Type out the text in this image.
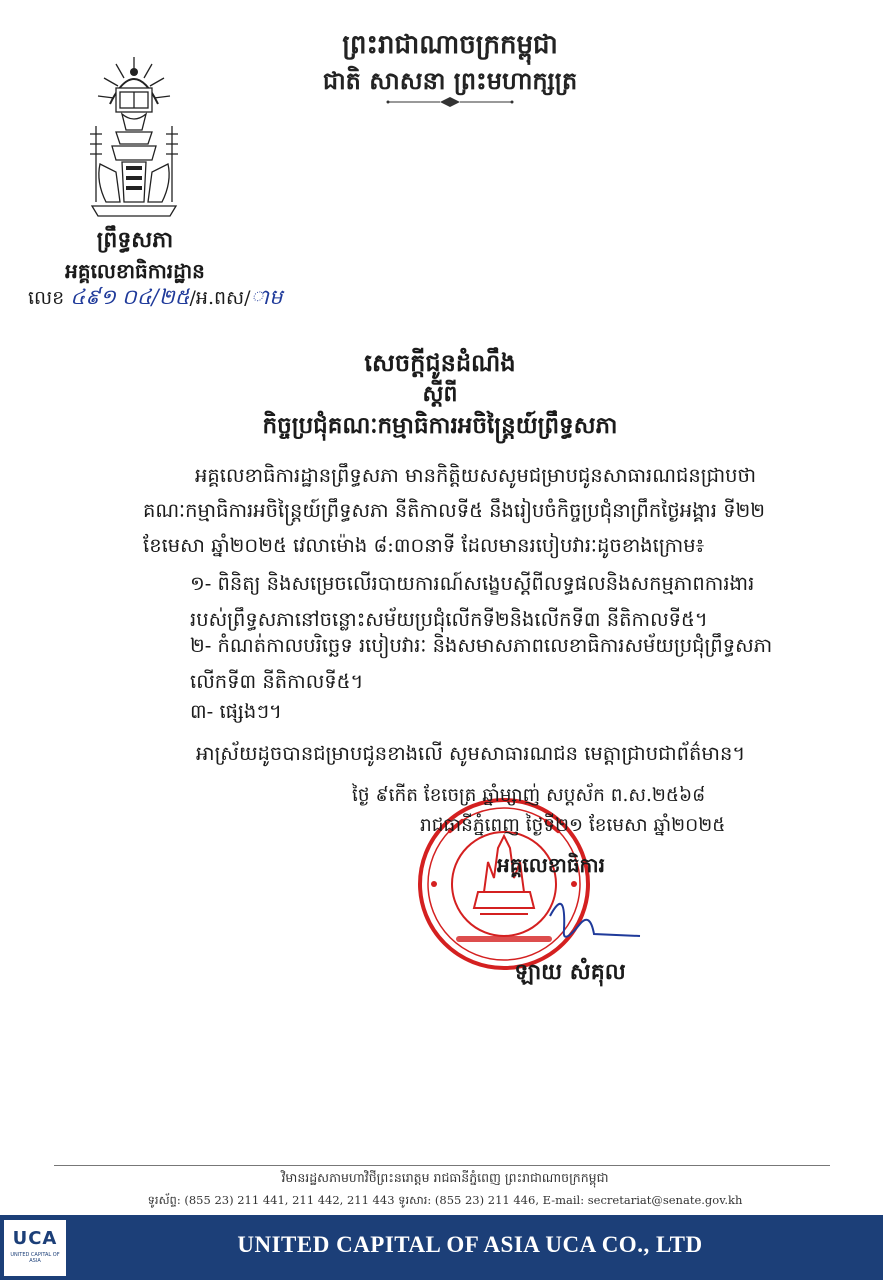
ព្រះរាជាណាចក្រកម្ពុជា
ជាតិ សាសនា ព្រះមហាក្សត្រ
ព្រឹទ្ធសភា
អគ្គលេខាធិការដ្ឋាន
លេខ ៤៩១ ០៤/២៥/អ.ពស/ាម
សេចក្តីជូនដំណឹង
ស្តីពី
កិច្ចប្រជុំគណៈកម្មាធិការអចិន្ត្រៃយ៍ព្រឹទ្ធសភា
អគ្គលេខាធិការដ្ឋានព្រឹទ្ធសភា មានកិត្តិយសសូមជម្រាបជូនសាធារណជនជ្រាបថា គណៈកម្មាធិការអចិន្ត្រៃយ៍ព្រឹទ្ធសភា នីតិកាលទី៥ នឹងរៀបចំកិច្ចប្រជុំនាព្រឹកថ្ងៃអង្គារ ទី២២ ខែមេសា ឆ្នាំ២០២៥ វេលាម៉ោង ៨:៣០នាទី ដែលមានរបៀបវារៈដូចខាងក្រោម៖
១- ពិនិត្យ និងសម្រេចលើរបាយការណ៍សង្ខេបស្តីពីលទ្ធផលនិងសកម្មភាពការងាររបស់ព្រឹទ្ធសភានៅចន្លោះសម័យប្រជុំលើកទី២និងលើកទី៣ នីតិកាលទី៥។
២- កំណត់កាលបរិច្ឆេទ របៀបវារៈ និងសមាសភាពលេខាធិការសម័យប្រជុំព្រឹទ្ធសភាលើកទី៣ នីតិកាលទី៥។
៣- ផ្សេងៗ។
អាស្រ័យដូចបានជម្រាបជូនខាងលើ សូមសាធារណជន មេត្តាជ្រាបជាព័ត៌មាន។
ថ្ងៃ ៩កើត ខែចេត្រ ឆ្នាំម្សាញ់ សប្តស័ក ព.ស.២៥៦៨
រាជធានីភ្នំពេញ ថ្ងៃទី២១ ខែមេសា ឆ្នាំ២០២៥
អគ្គលេខាធិការ
ឡាយ សំគុល
វិមានរដ្ឋសភាមហាវិថីព្រះនរោត្តម រាជធានីភ្នំពេញ ព្រះរាជាណាចក្រកម្ពុជា
ទូរស័ព្ទ: (855 23) 211 441, 211 442, 211 443 ទូរសារ: (855 23) 211 446, E-mail: secretariat@senate.gov.kh
UCA
UNITED CAPITAL OF ASIA
UNITED CAPITAL OF ASIA UCA CO., LTD
